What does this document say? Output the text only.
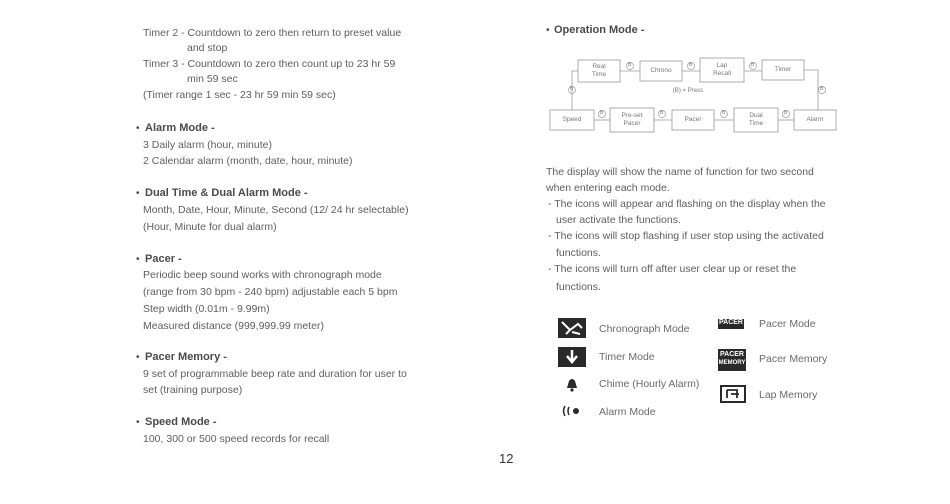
Timer 2 - Countdown to zero then return to preset value
and stop
Timer 3 - Countdown to zero then count up to 23 hr 59
min 59 sec
(Timer range 1 sec - 23 hr 59 min 59 sec)
• Alarm Mode -
3 Daily alarm (hour, minute)
2 Calendar alarm (month, date, hour, minute)
• Dual Time & Dual Alarm Mode -
Month, Date, Hour, Minute, Second (12/ 24 hr selectable)
(Hour, Minute for dual alarm)
• Pacer -
Periodic beep sound works with chronograph mode
(range from 30 bpm - 240 bpm) adjustable each 5 bpm
Step width (0.01m - 9.99m)
Measured distance (999,999.99 meter)
• Pacer Memory -
9 set of programmable beep rate and duration for user to
set (training purpose)
• Speed Mode -
100, 300 or 500 speed records for recall
12
• Operation Mode -
Real
Time	Chrono
Lap
Recall	Timer
(B) = Press
Speed
Pre-set
Pacer	Pacer
Dual
Time	Alarm
B	B	B
B
B
B
B
B
B
The display will show the name of function for two second
when entering each mode.
- The icons will appear and flashing on the display when the
user activate the functions.
- The icons will stop flashing if user stop using the activated
functions.
- The icons will turn off after user clear up or reset the
functions.
Chronograph Mode
Timer Mode
Chime (Hourly Alarm)
Alarm Mode
PACER Pacer Mode
PACER
MEMORY Pacer Memory
Lap Memory
